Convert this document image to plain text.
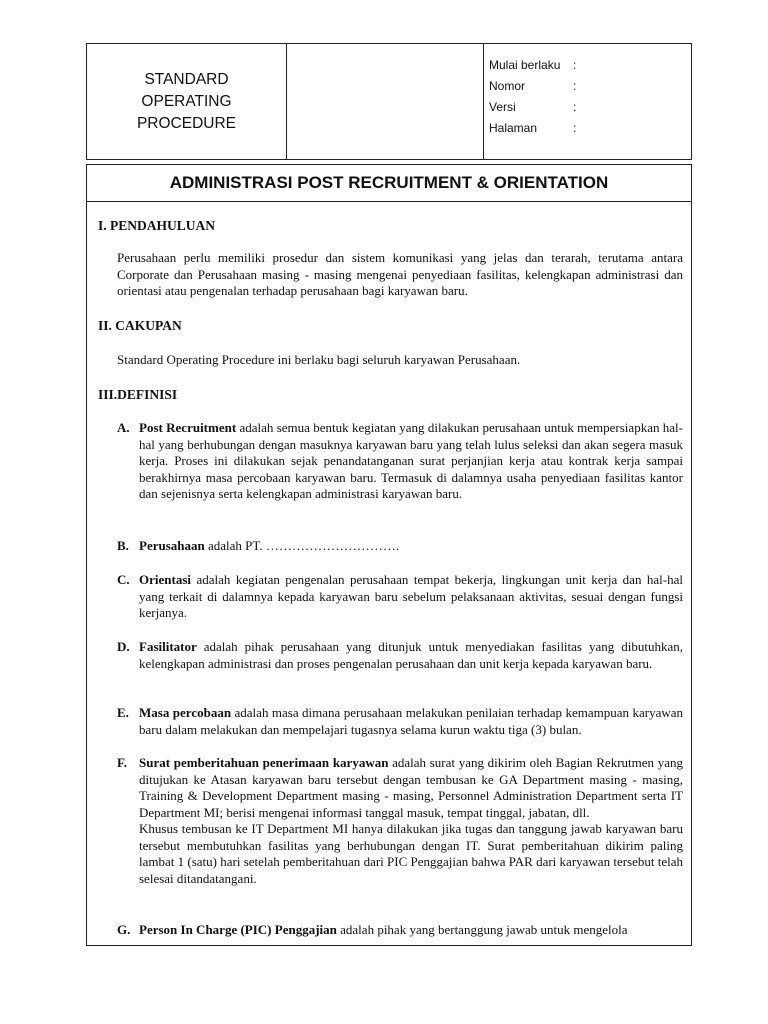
STANDARD
OPERATING
PROCEDURE
Mulai berlaku	:
Nomor	:
Versi	:
Halaman	:
ADMINISTRASI POST RECRUITMENT & ORIENTATION
I. PENDAHULUAN
Perusahaan perlu memiliki prosedur dan sistem komunikasi yang jelas dan terarah, terutama antara Corporate dan Perusahaan masing - masing mengenai penyediaan fasilitas, kelengkapan administrasi dan orientasi atau pengenalan terhadap perusahaan bagi karyawan baru.
II. CAKUPAN
Standard Operating Procedure ini berlaku bagi seluruh karyawan Perusahaan.
III.DEFINISI
A. Post Recruitment adalah semua bentuk kegiatan yang dilakukan perusahaan untuk mempersiapkan hal-hal yang berhubungan dengan masuknya karyawan baru yang telah lulus seleksi dan akan segera masuk kerja. Proses ini dilakukan sejak penandatanganan surat perjanjian kerja atau kontrak kerja sampai berakhirnya masa percobaan karyawan baru. Termasuk di dalamnya usaha penyediaan fasilitas kantor dan sejenisnya serta kelengkapan administrasi karyawan baru.
B. Perusahaan adalah PT. ………………………….
C. Orientasi adalah kegiatan pengenalan perusahaan tempat bekerja, lingkungan unit kerja dan hal-hal yang terkait di dalamnya kepada karyawan baru sebelum pelaksanaan aktivitas, sesuai dengan fungsi kerjanya.
D. Fasilitator adalah pihak perusahaan yang ditunjuk untuk menyediakan fasilitas yang dibutuhkan, kelengkapan administrasi dan proses pengenalan perusahaan dan unit kerja kepada karyawan baru.
E. Masa percobaan adalah masa dimana perusahaan melakukan penilaian terhadap kemampuan karyawan baru dalam melakukan dan mempelajari tugasnya selama kurun waktu tiga (3) bulan.
F. Surat pemberitahuan penerimaan karyawan adalah surat yang dikirim oleh Bagian Rekrutmen yang ditujukan ke Atasan karyawan baru tersebut dengan tembusan ke GA Department masing - masing, Training & Development Department masing - masing, Personnel Administration Department serta IT Department MI; berisi mengenai informasi tanggal masuk, tempat tinggal, jabatan, dll.
Khusus tembusan ke IT Department MI hanya dilakukan jika tugas dan tanggung jawab karyawan baru tersebut membutuhkan fasilitas yang berhubungan dengan IT. Surat pemberitahuan dikirim paling lambat 1 (satu) hari setelah pemberitahuan dari PIC Penggajian bahwa PAR dari karyawan tersebut telah selesai ditandatangani.
G. Person In Charge (PIC) Penggajian adalah pihak yang bertanggung jawab untuk mengelola
